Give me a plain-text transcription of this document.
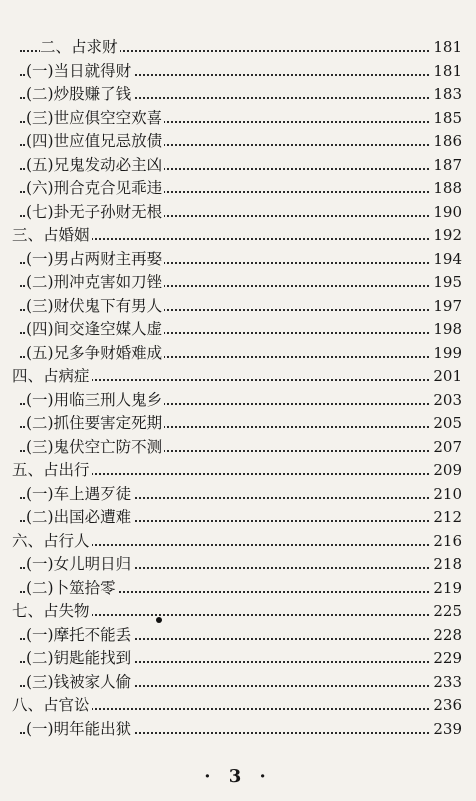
二、占求财	181
(一)当日就得财	181
(二)炒股赚了钱	183
(三)世应俱空空欢喜	185
(四)世应值兄忌放债	186
(五)兄鬼发动必主凶	187
(六)刑合克合见乖违	188
(七)卦无子孙财无根	190
三、占婚姻	192
(一)男占两财主再娶	194
(二)刑冲克害如刀锉	195
(三)财伏鬼下有男人	197
(四)间交逢空媒人虚	198
(五)兄多争财婚难成	199
四、占病症	201
(一)用临三刑人鬼乡	203
(二)抓住要害定死期	205
(三)鬼伏空亡防不测	207
五、占出行	209
(一)车上遇歹徒	210
(二)出国必遭难	212
六、占行人	216
(一)女儿明日归	218
(二)卜筮拾零	219
七、占失物	225
(一)摩托不能丢	228
(二)钥匙能找到	229
(三)钱被家人偷	233
八、占官讼	236
(一)明年能出狱	239
· 3 ·
